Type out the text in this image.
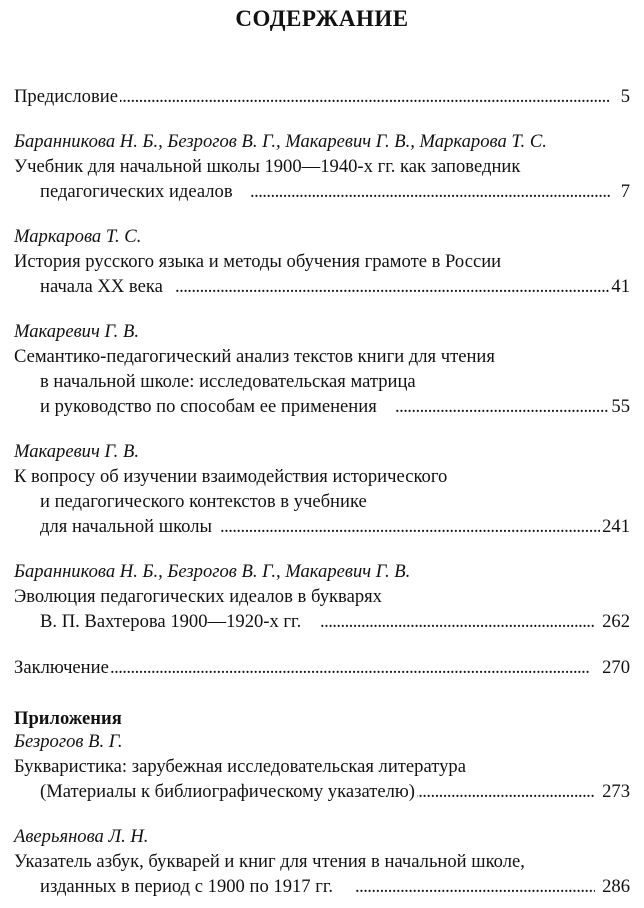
СОДЕРЖАНИЕ
. . .
Предисловие	5
Баранникова Н. Б., Безрогов В. Г., Макаревич Г. В., Маркарова Т. С.
Учебник для начальной школы 1900—1940-х гг. как заповедник
. . .
педагогических идеалов	7
Маркарова Т. С.
История русского языка и методы обучения грамоте в России
. . .
начала XX века	41
Макаревич Г. В.
Семантико-педагогический анализ текстов книги для чтения
в начальной школе: исследовательская матрица
. . .
и руководство по способам ее применения	55
Макаревич Г. В.
К вопросу об изучении взаимодействия исторического
и педагогического контекстов в учебнике
. . .
для начальной школы	241
Баранникова Н. Б., Безрогов В. Г., Макаревич Г. В.
Эволюция педагогических идеалов в букварях
. . .
В. П. Вахтерова 1900—1920-х гг.	262
. . .
Заключение	270
Приложения
Безрогов В. Г.
Букваристика: зарубежная исследовательская литература
. . .
(Материалы к библиографическому указателю)	273
Аверьянова Л. Н.
Указатель азбук, букварей и книг для чтения в начальной школе,
. . .
изданных в период с 1900 по 1917 гг.	286
